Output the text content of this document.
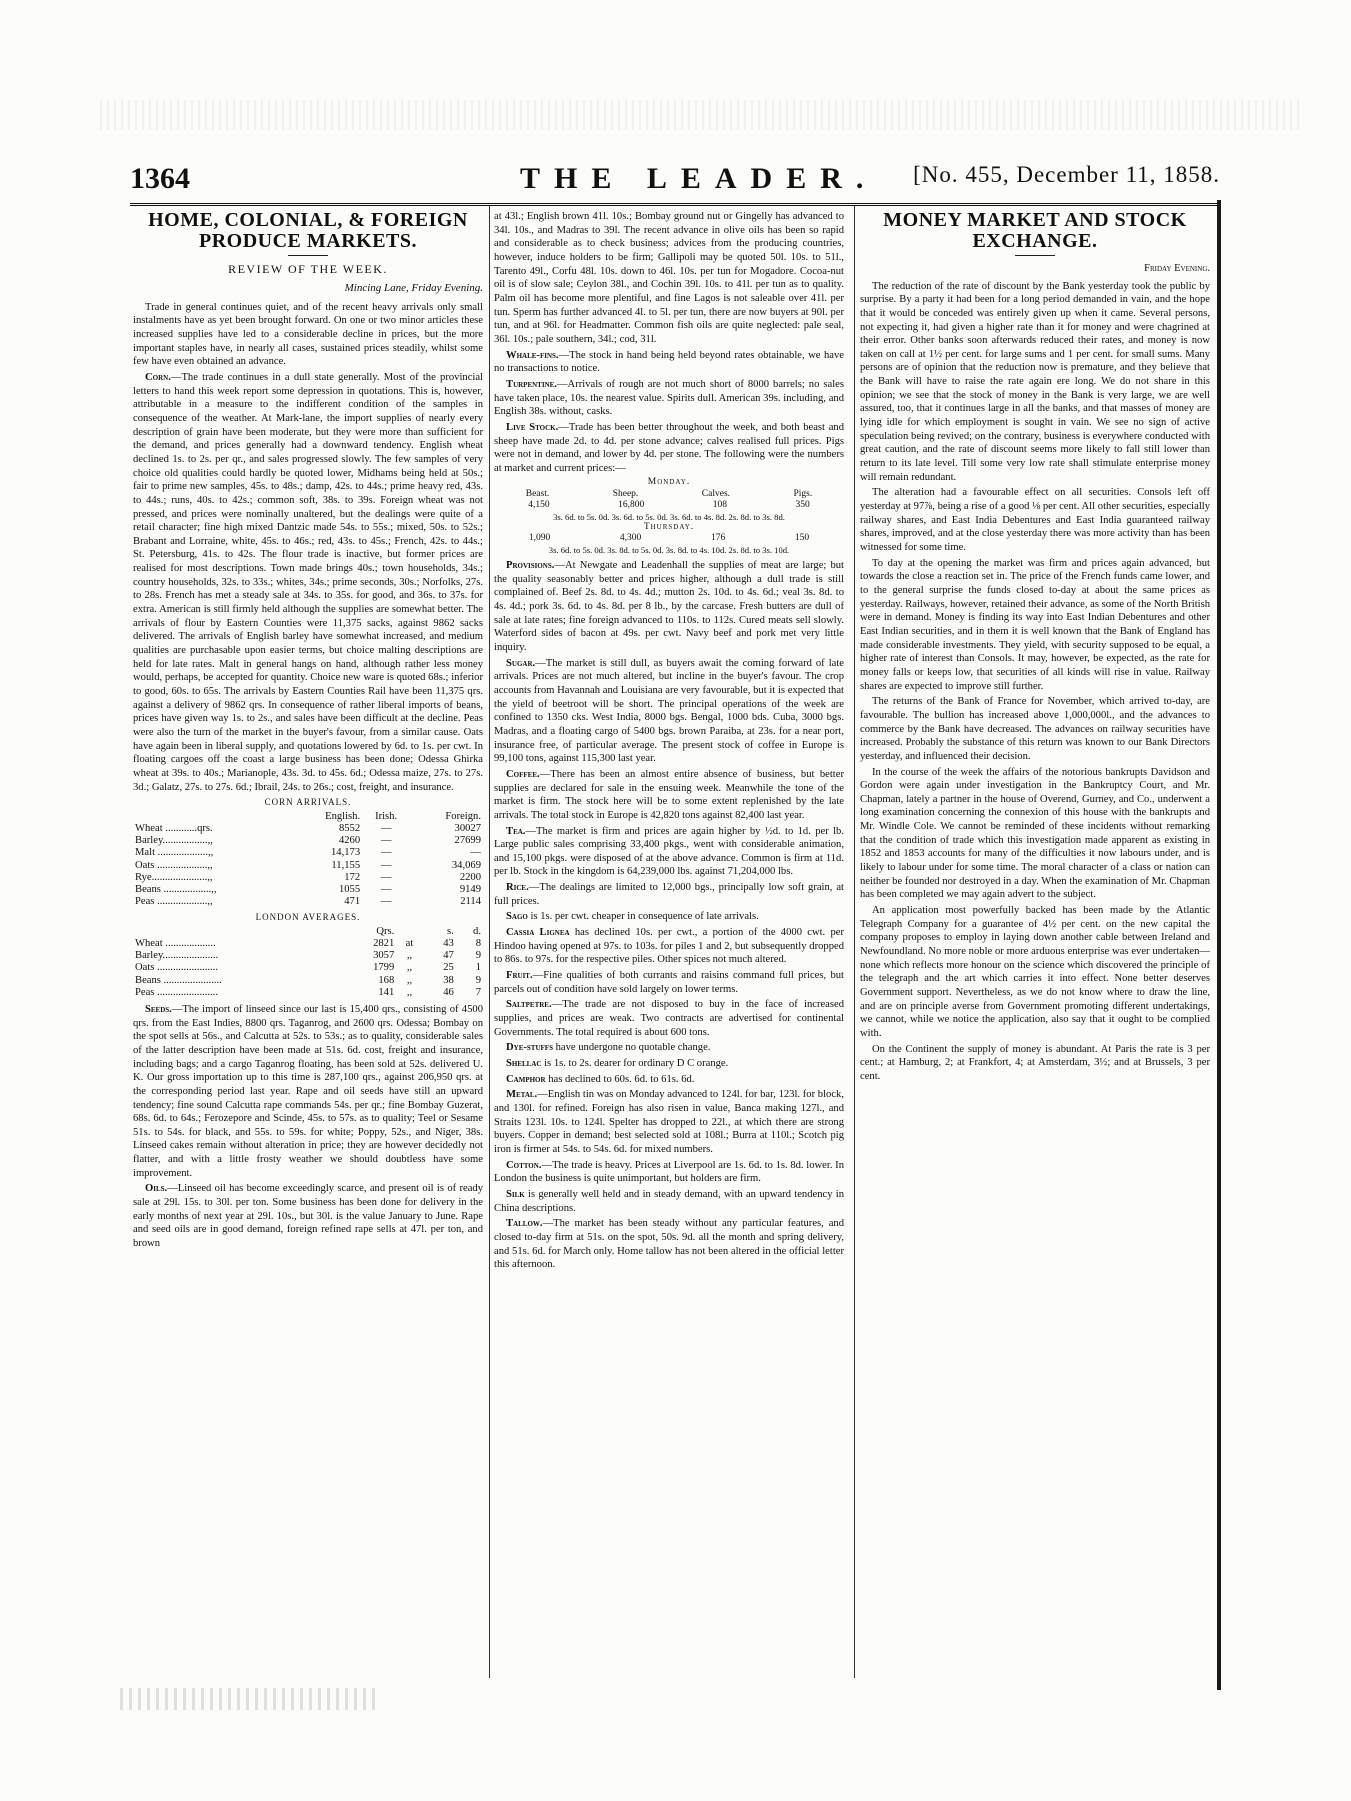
1364	THE LEADER. [No. 455, December 11, 1858.
HOME, COLONIAL, & FOREIGN PRODUCE MARKETS.
REVIEW OF THE WEEK.
Mincing Lane, Friday Evening.

Trade in general continues quiet, and of the recent heavy arrivals only small instalments have as yet been brought forward. On one or two minor articles these increased supplies have led to a considerable decline in prices, but the more important staples have, in nearly all cases, sustained prices steadily, whilst some few have even obtained an advance.

Corn.—The trade continues in a dull state generally. Most of the provincial letters to hand this week report some depression in quotations. This is, however, attributable in a measure to the indifferent condition of the samples in consequence of the weather. At Mark-lane, the import supplies of nearly every description of grain have been moderate, but they were more than sufficient for the demand, and prices generally had a downward tendency. English wheat declined 1s. to 2s. per qr., and sales progressed slowly. The few samples of very choice old qualities could hardly be quoted lower, Midhams being held at 50s.; fair to prime new samples, 45s. to 48s.; damp, 42s. to 44s.; prime heavy red, 43s. to 44s.; runs, 40s. to 42s.; common soft, 38s. to 39s. Foreign wheat was not pressed, and prices were nominally unaltered, but the dealings were quite of a retail character; fine high mixed Dantzic made 54s. to 55s.; mixed, 50s. to 52s.; Brabant and Lorraine, white, 45s. to 46s.; red, 43s. to 45s.; French, 42s. to 44s.; St. Petersburg, 41s. to 42s. The flour trade is inactive, but former prices are realised for most descriptions. Town made brings 40s.; town households, 34s.; country households, 32s. to 33s.; whites, 34s.; prime seconds, 30s.; Norfolks, 27s. to 28s. French has met a steady sale at 34s. to 35s. for good, and 36s. to 37s. for extra. American is still firmly held although the supplies are somewhat better. The arrivals of flour by Eastern Counties were 11,375 sacks, against 9862 sacks delivered. The arrivals of English barley have somewhat increased, and medium qualities are purchasable upon easier terms, but choice malting descriptions are held for late rates. Malt in general hangs on hand, although rather less money would, perhaps, be accepted for quantity. Choice new ware is quoted 68s.; inferior to good, 60s. to 65s. The arrivals by Eastern Counties Rail have been 11,375 qrs. against a delivery of 9862 qrs. In consequence of rather liberal imports of beans, prices have given way 1s. to 2s., and sales have been difficult at the decline. Peas were also the turn of the market in the buyer's favour, from a similar cause. Oats have again been in liberal supply, and quotations lowered by 6d. to 1s. per cwt. In floating cargoes off the coast a large business has been done; Odessa Ghirka wheat at 39s. to 40s.; Marianople, 43s. 3d. to 45s. 6d.; Odessa maize, 27s. to 27s. 3d.; Galatz, 27s. to 27s. 6d.; Ibrail, 24s. to 26s.; cost, freight, and insurance.

CORN ARRIVALS.
	English.	Irish.	Foreign.
Wheat ............qrs.	8552	—	30027
Barley.................,,	4260	—	27699
Malt ...................,,	14,173	—	—
Oats ...................,,	11,155	—	34,069
Rye.....................,,	172	—	2200
Beans ..................,,	1055	—	9149
Peas ...................,,	471	—	2114
LONDON AVERAGES.
	Qrs.		s.	d.
Wheat ...................	2821	at	43	8
Barley.....................	3057	,,	47	9
Oats .......................	1799	,,	25	1
Beans ......................	168	,,	38	9
Peas .......................	141	,,	46	7

Seeds.—The import of linseed since our last is 15,400 qrs., consisting of 4500 qrs. from the East Indies, 8800 qrs. Taganrog, and 2600 qrs. Odessa; Bombay on the spot sells at 56s., and Calcutta at 52s. to 53s.; as to quality, considerable sales of the latter description have been made at 51s. 6d. cost, freight and insurance, including bags; and a cargo Taganrog floating, has been sold at 52s. delivered U. K. Our gross importation up to this time is 287,100 qrs., against 206,950 qrs. at the corresponding period last year. Rape and oil seeds have still an upward tendency; fine sound Calcutta rape commands 54s. per qr.; fine Bombay Guzerat, 68s. 6d. to 64s.; Ferozepore and Scinde, 45s. to 57s. as to quality; Teel or Sesame 51s. to 54s. for black, and 55s. to 59s. for white; Poppy, 52s., and Niger, 38s. Linseed cakes remain without alteration in price; they are however decidedly not flatter, and with a little frosty weather we should doubtless have some improvement.

Oils.—Linseed oil has become exceedingly scarce, and present oil is of ready sale at 29l. 15s. to 30l. per ton. Some business has been done for delivery in the early months of next year at 29l. 10s., but 30l. is the value January to June. Rape and seed oils are in good demand, foreign refined rape sells at 47l. per ton, and brown

at 43l.; English brown 41l. 10s.; Bombay ground nut or Gingelly has advanced to 34l. 10s., and Madras to 39l. The recent advance in olive oils has been so rapid and considerable as to check business; advices from the producing countries, however, induce holders to be firm; Gallipoli may be quoted 50l. 10s. to 51l., Tarento 49l., Corfu 48l. 10s. down to 46l. 10s. per tun for Mogadore. Cocoa-nut oil is of slow sale; Ceylon 38l., and Cochin 39l. 10s. to 41l. per tun as to quality. Palm oil has become more plentiful, and fine Lagos is not saleable over 41l. per tun. Sperm has further advanced 4l. to 5l. per tun, there are now buyers at 90l. per tun, and at 96l. for Headmatter. Common fish oils are quite neglected: pale seal, 36l. 10s.; pale southern, 34l.; cod, 31l.

Whale-fins.—The stock in hand being held beyond rates obtainable, we have no transactions to notice.

Turpentine.—Arrivals of rough are not much short of 8000 barrels; no sales have taken place, 10s. the nearest value. Spirits dull. American 39s. including, and English 38s. without, casks.

Live Stock.—Trade has been better throughout the week, and both beast and sheep have made 2d. to 4d. per stone advance; calves realised full prices. Pigs were not in demand, and lower by 4d. per stone. The following were the numbers at market and current prices:—

Monday.
Beast.	Sheep.	Calves.	Pigs.
4,150	16,800	108	350
3s. 6d. to 5s. 0d. 3s. 6d. to 5s. 0d. 3s. 6d. to 4s. 8d. 2s. 8d. to 3s. 8d.
Thursday.
1,090	4,300	176	150
3s. 6d. to 5s. 0d. 3s. 8d. to 5s. 0d. 3s. 8d. to 4s. 10d. 2s. 8d. to 3s. 10d.

Provisions.—At Newgate and Leadenhall the supplies of meat are large; but the quality seasonably better and prices higher, although a dull trade is still complained of. Beef 2s. 8d. to 4s. 4d.; mutton 2s. 10d. to 4s. 6d.; veal 3s. 8d. to 4s. 4d.; pork 3s. 6d. to 4s. 8d. per 8 lb., by the carcase. Fresh butters are dull of sale at late rates; fine foreign advanced to 110s. to 112s. Cured meats sell slowly. Waterford sides of bacon at 49s. per cwt. Navy beef and pork met very little inquiry.

Sugar.—The market is still dull, as buyers await the coming forward of late arrivals. Prices are not much altered, but incline in the buyer's favour. The crop accounts from Havannah and Louisiana are very favourable, but it is expected that the yield of beetroot will be short. The principal operations of the week are confined to 1350 cks. West India, 8000 bgs. Bengal, 1000 bds. Cuba, 3000 bgs. Madras, and a floating cargo of 5400 bgs. brown Paraiba, at 23s. for a near port, insurance free, of particular average. The present stock of coffee in Europe is 99,100 tons, against 115,300 last year.

Coffee.—There has been an almost entire absence of business, but better supplies are declared for sale in the ensuing week. Meanwhile the tone of the market is firm. The stock here will be to some extent replenished by the late arrivals. The total stock in Europe is 42,820 tons against 82,400 last year.

Tea.—The market is firm and prices are again higher by ½d. to 1d. per lb. Large public sales comprising 33,400 pkgs., went with considerable animation, and 15,100 pkgs. were disposed of at the above advance. Common is firm at 11d. per lb. Stock in the kingdom is 64,239,000 lbs. against 71,204,000 lbs.

Rice.—The dealings are limited to 12,000 bgs., principally low soft grain, at full prices.

Sago is 1s. per cwt. cheaper in consequence of late arrivals.

Cassia Lignea has declined 10s. per cwt., a portion of the 4000 cwt. per Hindoo having opened at 97s. to 103s. for piles 1 and 2, but subsequently dropped to 86s. to 97s. for the respective piles. Other spices not much altered.

Fruit.—Fine qualities of both currants and raisins command full prices, but parcels out of condition have sold largely on lower terms.

Saltpetre.—The trade are not disposed to buy in the face of increased supplies, and prices are weak. Two contracts are advertised for continental Governments. The total required is about 600 tons.

Dye-stuffs have undergone no quotable change.

Shellac is 1s. to 2s. dearer for ordinary D C orange.

Camphor has declined to 60s. 6d. to 61s. 6d.

Metal.—English tin was on Monday advanced to 124l. for bar, 123l. for block, and 130l. for refined. Foreign has also risen in value, Banca making 127l., and Straits 123l. 10s. to 124l. Spelter has dropped to 22l., at which there are strong buyers. Copper in demand; best selected sold at 108l.; Burra at 110l.; Scotch pig iron is firmer at 54s. to 54s. 6d. for mixed numbers.

Cotton.—The trade is heavy. Prices at Liverpool are 1s. 6d. to 1s. 8d. lower. In London the business is quite unimportant, but holders are firm.

Silk is generally well held and in steady demand, with an upward tendency in China descriptions.

Tallow.—The market has been steady without any particular features, and closed to-day firm at 51s. on the spot, 50s. 9d. all the month and spring delivery, and 51s. 6d. for March only. Home tallow has not been altered in the official letter this afternoon.

MONEY MARKET AND STOCK EXCHANGE.
Friday Evening.

The reduction of the rate of discount by the Bank yesterday took the public by surprise. By a party it had been for a long period demanded in vain, and the hope that it would be conceded was entirely given up when it came. Several persons, not expecting it, had given a higher rate than it for money and were chagrined at their error. Other banks soon afterwards reduced their rates, and money is now taken on call at 1½ per cent. for large sums and 1 per cent. for small sums. Many persons are of opinion that the reduction now is premature, and they believe that the Bank will have to raise the rate again ere long. We do not share in this opinion; we see that the stock of money in the Bank is very large, we are well assured, too, that it continues large in all the banks, and that masses of money are lying idle for which employment is sought in vain. We see no sign of active speculation being revived; on the contrary, business is everywhere conducted with great caution, and the rate of discount seems more likely to fall still lower than return to its late level. Till some very low rate shall stimulate enterprise money will remain redundant.

The alteration had a favourable effect on all securities. Consols left off yesterday at 97⅞, being a rise of a good ⅛ per cent. All other securities, especially railway shares, and East India Debentures and East India guaranteed railway shares, improved, and at the close yesterday there was more activity than has been witnessed for some time.

To day at the opening the market was firm and prices again advanced, but towards the close a reaction set in. The price of the French funds came lower, and to the general surprise the funds closed to-day at about the same prices as yesterday. Railways, however, retained their advance, as some of the North British were in demand. Money is finding its way into East Indian Debentures and other East Indian securities, and in them it is well known that the Bank of England has made considerable investments. They yield, with security supposed to be equal, a higher rate of interest than Consols. It may, however, be expected, as the rate for money falls or keeps low, that securities of all kinds will rise in value. Railway shares are expected to improve still further.

The returns of the Bank of France for November, which arrived to-day, are favourable. The bullion has increased above 1,000,000l., and the advances to commerce by the Bank have decreased. The advances on railway securities have increased. Probably the substance of this return was known to our Bank Directors yesterday, and influenced their decision.

In the course of the week the affairs of the notorious bankrupts Davidson and Gordon were again under investigation in the Bankruptcy Court, and Mr. Chapman, lately a partner in the house of Overend, Gurney, and Co., underwent a long examination concerning the connexion of this house with the bankrupts and Mr. Windle Cole. We cannot be reminded of these incidents without remarking that the condition of trade which this investigation made apparent as existing in 1852 and 1853 accounts for many of the difficulties it now labours under, and is likely to labour under for some time. The moral character of a class or nation can neither be founded nor destroyed in a day. When the examination of Mr. Chapman has been completed we may again advert to the subject.

An application most powerfully backed has been made by the Atlantic Telegraph Company for a guarantee of 4½ per cent. on the new capital the company proposes to employ in laying down another cable between Ireland and Newfoundland. No more noble or more arduous enterprise was ever undertaken—none which reflects more honour on the science which discovered the principle of the telegraph and the art which carries it into effect. None better deserves Government support. Nevertheless, as we do not know where to draw the line, and are on principle averse from Government promoting different undertakings, we cannot, while we notice the application, also say that it ought to be complied with.

On the Continent the supply of money is abundant. At Paris the rate is 3 per cent.; at Hamburg, 2; at Frankfort, 4; at Amsterdam, 3½; and at Brussels, 3 per cent.
